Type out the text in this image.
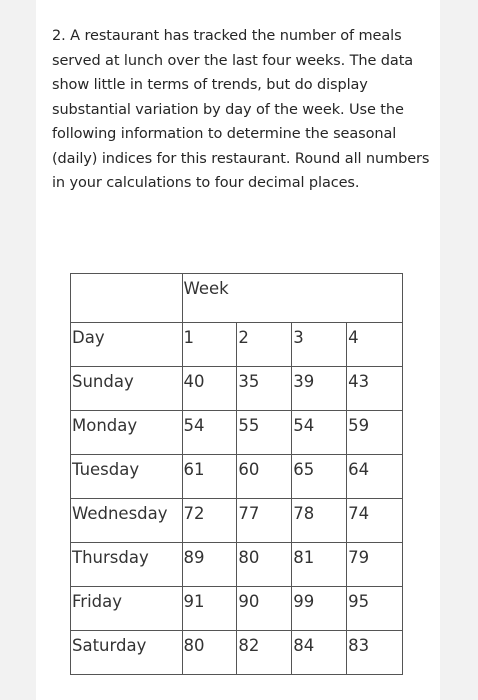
2. A restaurant has tracked the number of meals served at lunch over the last four weeks. The data show little in terms of trends, but do display substantial variation by day of the week. Use the following information to determine the seasonal (daily) indices for this restaurant. Round all numbers in your calculations to four decimal places.

	Week			
Day	1	2	3	4
Sunday	40	35	39	43
Monday	54	55	54	59
Tuesday	61	60	65	64
Wednesday	72	77	78	74
Thursday	89	80	81	79
Friday	91	90	99	95
Saturday	80	82	84	83
